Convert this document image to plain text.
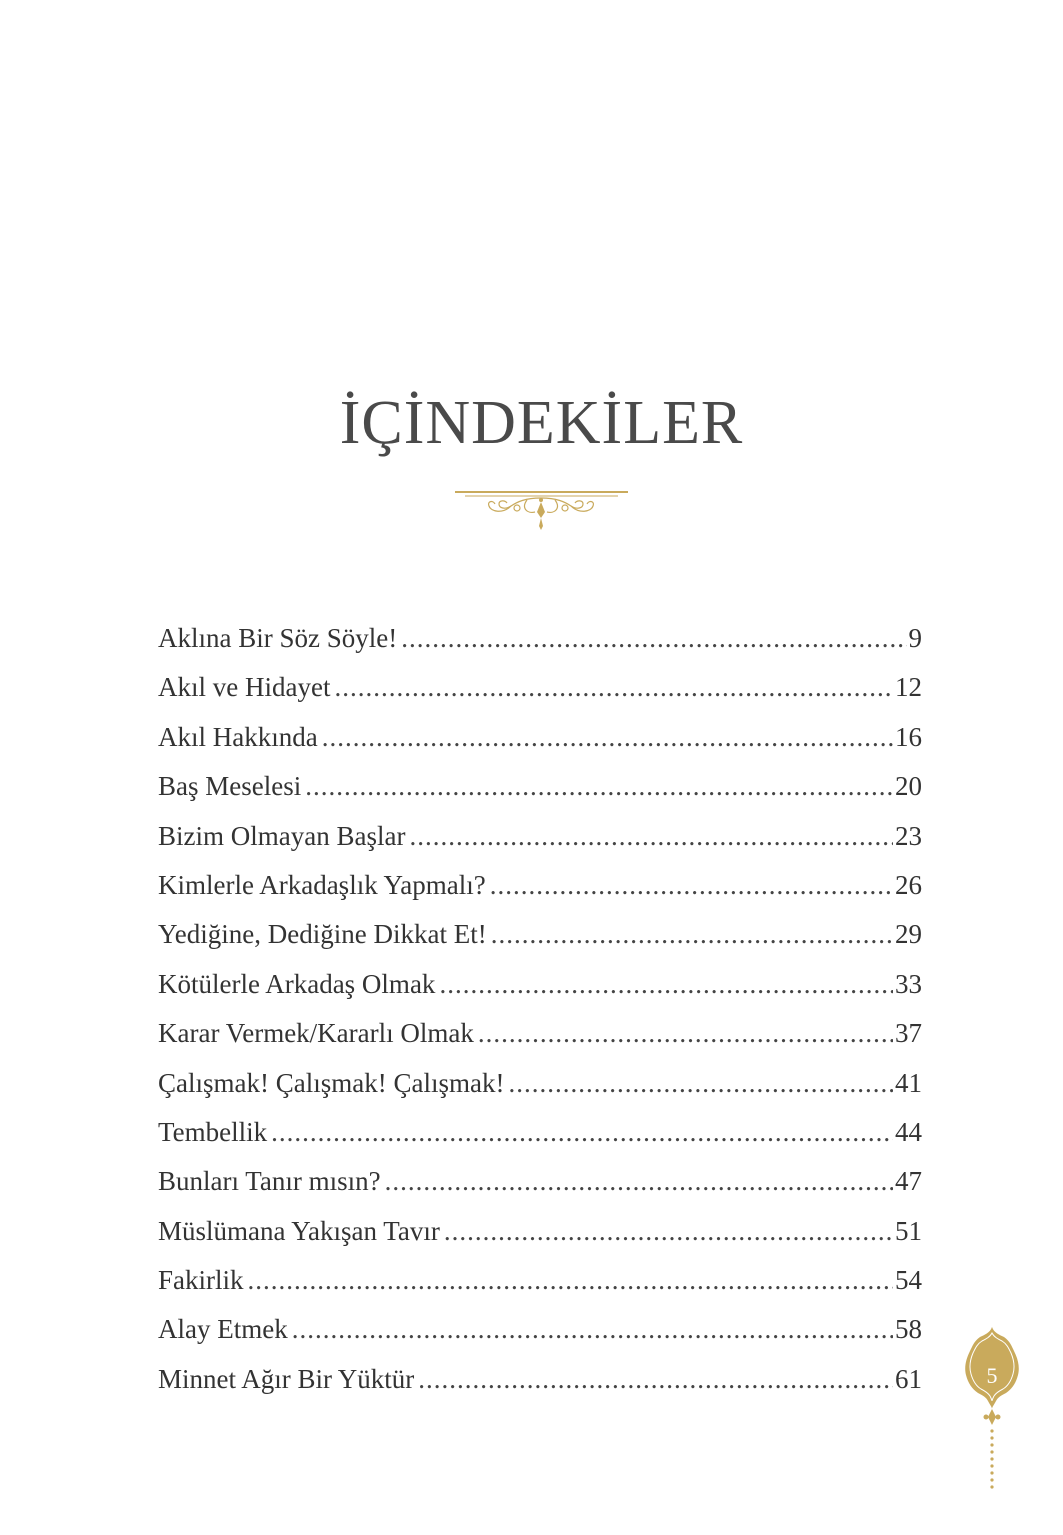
İÇİNDEKİLER
Aklına Bir Söz Söyle! .....	9
Akıl ve Hidayet .....	12
Akıl Hakkında .....	16
Baş Meselesi .....	20
Bizim Olmayan Başlar .....	23
Kimlerle Arkadaşlık Yapmalı? .....	26
Yediğine, Dediğine Dikkat Et! .....	29
Kötülerle Arkadaş Olmak .....	33
Karar Vermek/Kararlı Olmak .....	37
Çalışmak! Çalışmak! Çalışmak! .....	41
Tembellik .....	44
Bunları Tanır mısın? .....	47
Müslümana Yakışan Tavır .....	51
Fakirlik .....	54
Alay Etmek .....	58
Minnet Ağır Bir Yüktür .....	61	5
